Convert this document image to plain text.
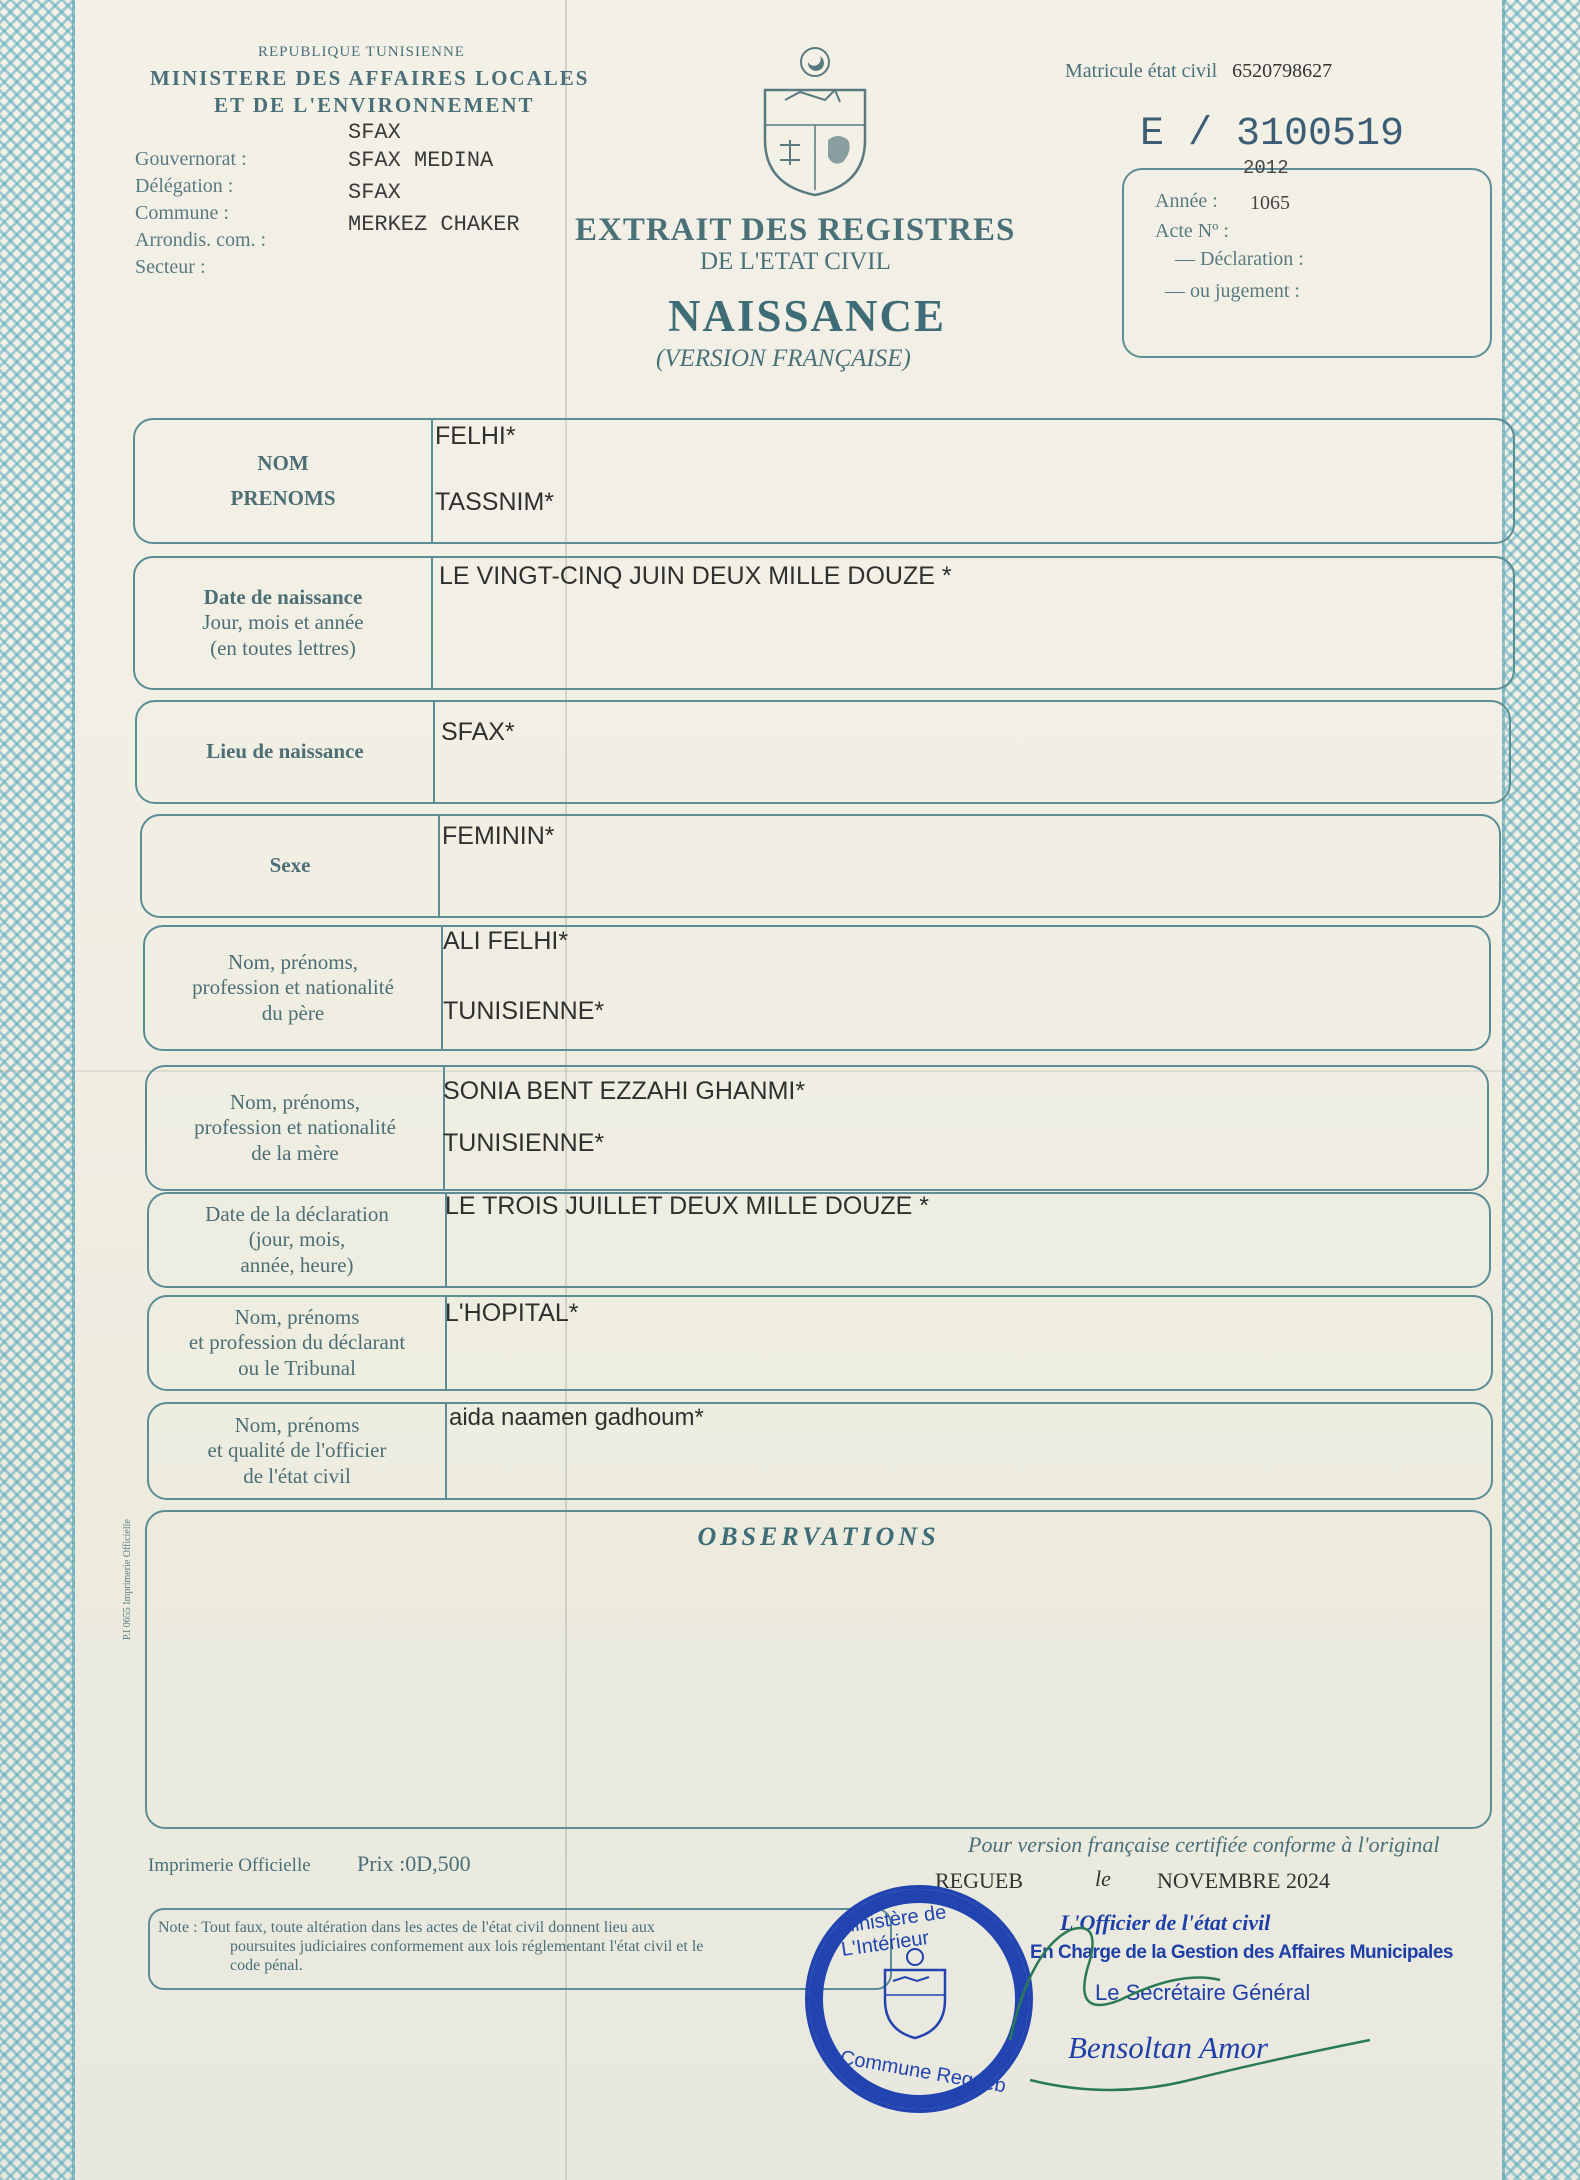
REPUBLIQUE TUNISIENNE
MINISTERE DES AFFAIRES LOCALES
ET DE L'ENVIRONNEMENT
Gouvernorat :
SFAX
Délégation :
SFAX MEDINA
Commune :
SFAX
Arrondis. com. :
MERKEZ CHAKER
Secteur :
EXTRAIT DES REGISTRES
DE L'ETAT CIVIL
NAISSANCE
(VERSION FRANÇAISE)
Matricule état civil 6520798627
E / 3100519
2012
Année :
Acte Nº :
1065
— Déclaration :
— ou jugement :
NOM
PRENOMS
FELHI*
TASSNIM*
Date de naissance
Jour, mois et année
(en toutes lettres)
LE VINGT-CINQ JUIN DEUX MILLE DOUZE *
Lieu de naissance
SFAX*
Sexe
FEMININ*
Nom, prénoms,
profession et nationalité
du père
ALI FELHI*
TUNISIENNE*
Nom, prénoms,
profession et nationalité
de la mère
SONIA BENT EZZAHI GHANMI*
TUNISIENNE*
Date de la déclaration
(jour, mois,
année, heure)
LE TROIS JUILLET DEUX MILLE DOUZE *
Nom, prénoms
et profession du déclarant
ou le Tribunal
L'HOPITAL*
Nom, prénoms
et qualité de l'officier
de l'état civil
aida naamen gadhoum*
OBSERVATIONS
P.I 0655 Imprimerie Officielle
Imprimerie Officielle Prix :0D,500
Note : Tout faux, toute altération dans les actes de l'état civil donnent lieu aux
poursuites judiciaires conformement aux lois réglementant l'état civil et le
code pénal.
Pour version française certifiée conforme à l'original
REGUEB	le NOVEMBRE 2024
Ministère de L'Intérieur
Commune Regueb
L'Officier de l'état civil
En Charge de la Gestion des Affaires Municipales
Le Secrétaire Général
Bensoltan Amor
